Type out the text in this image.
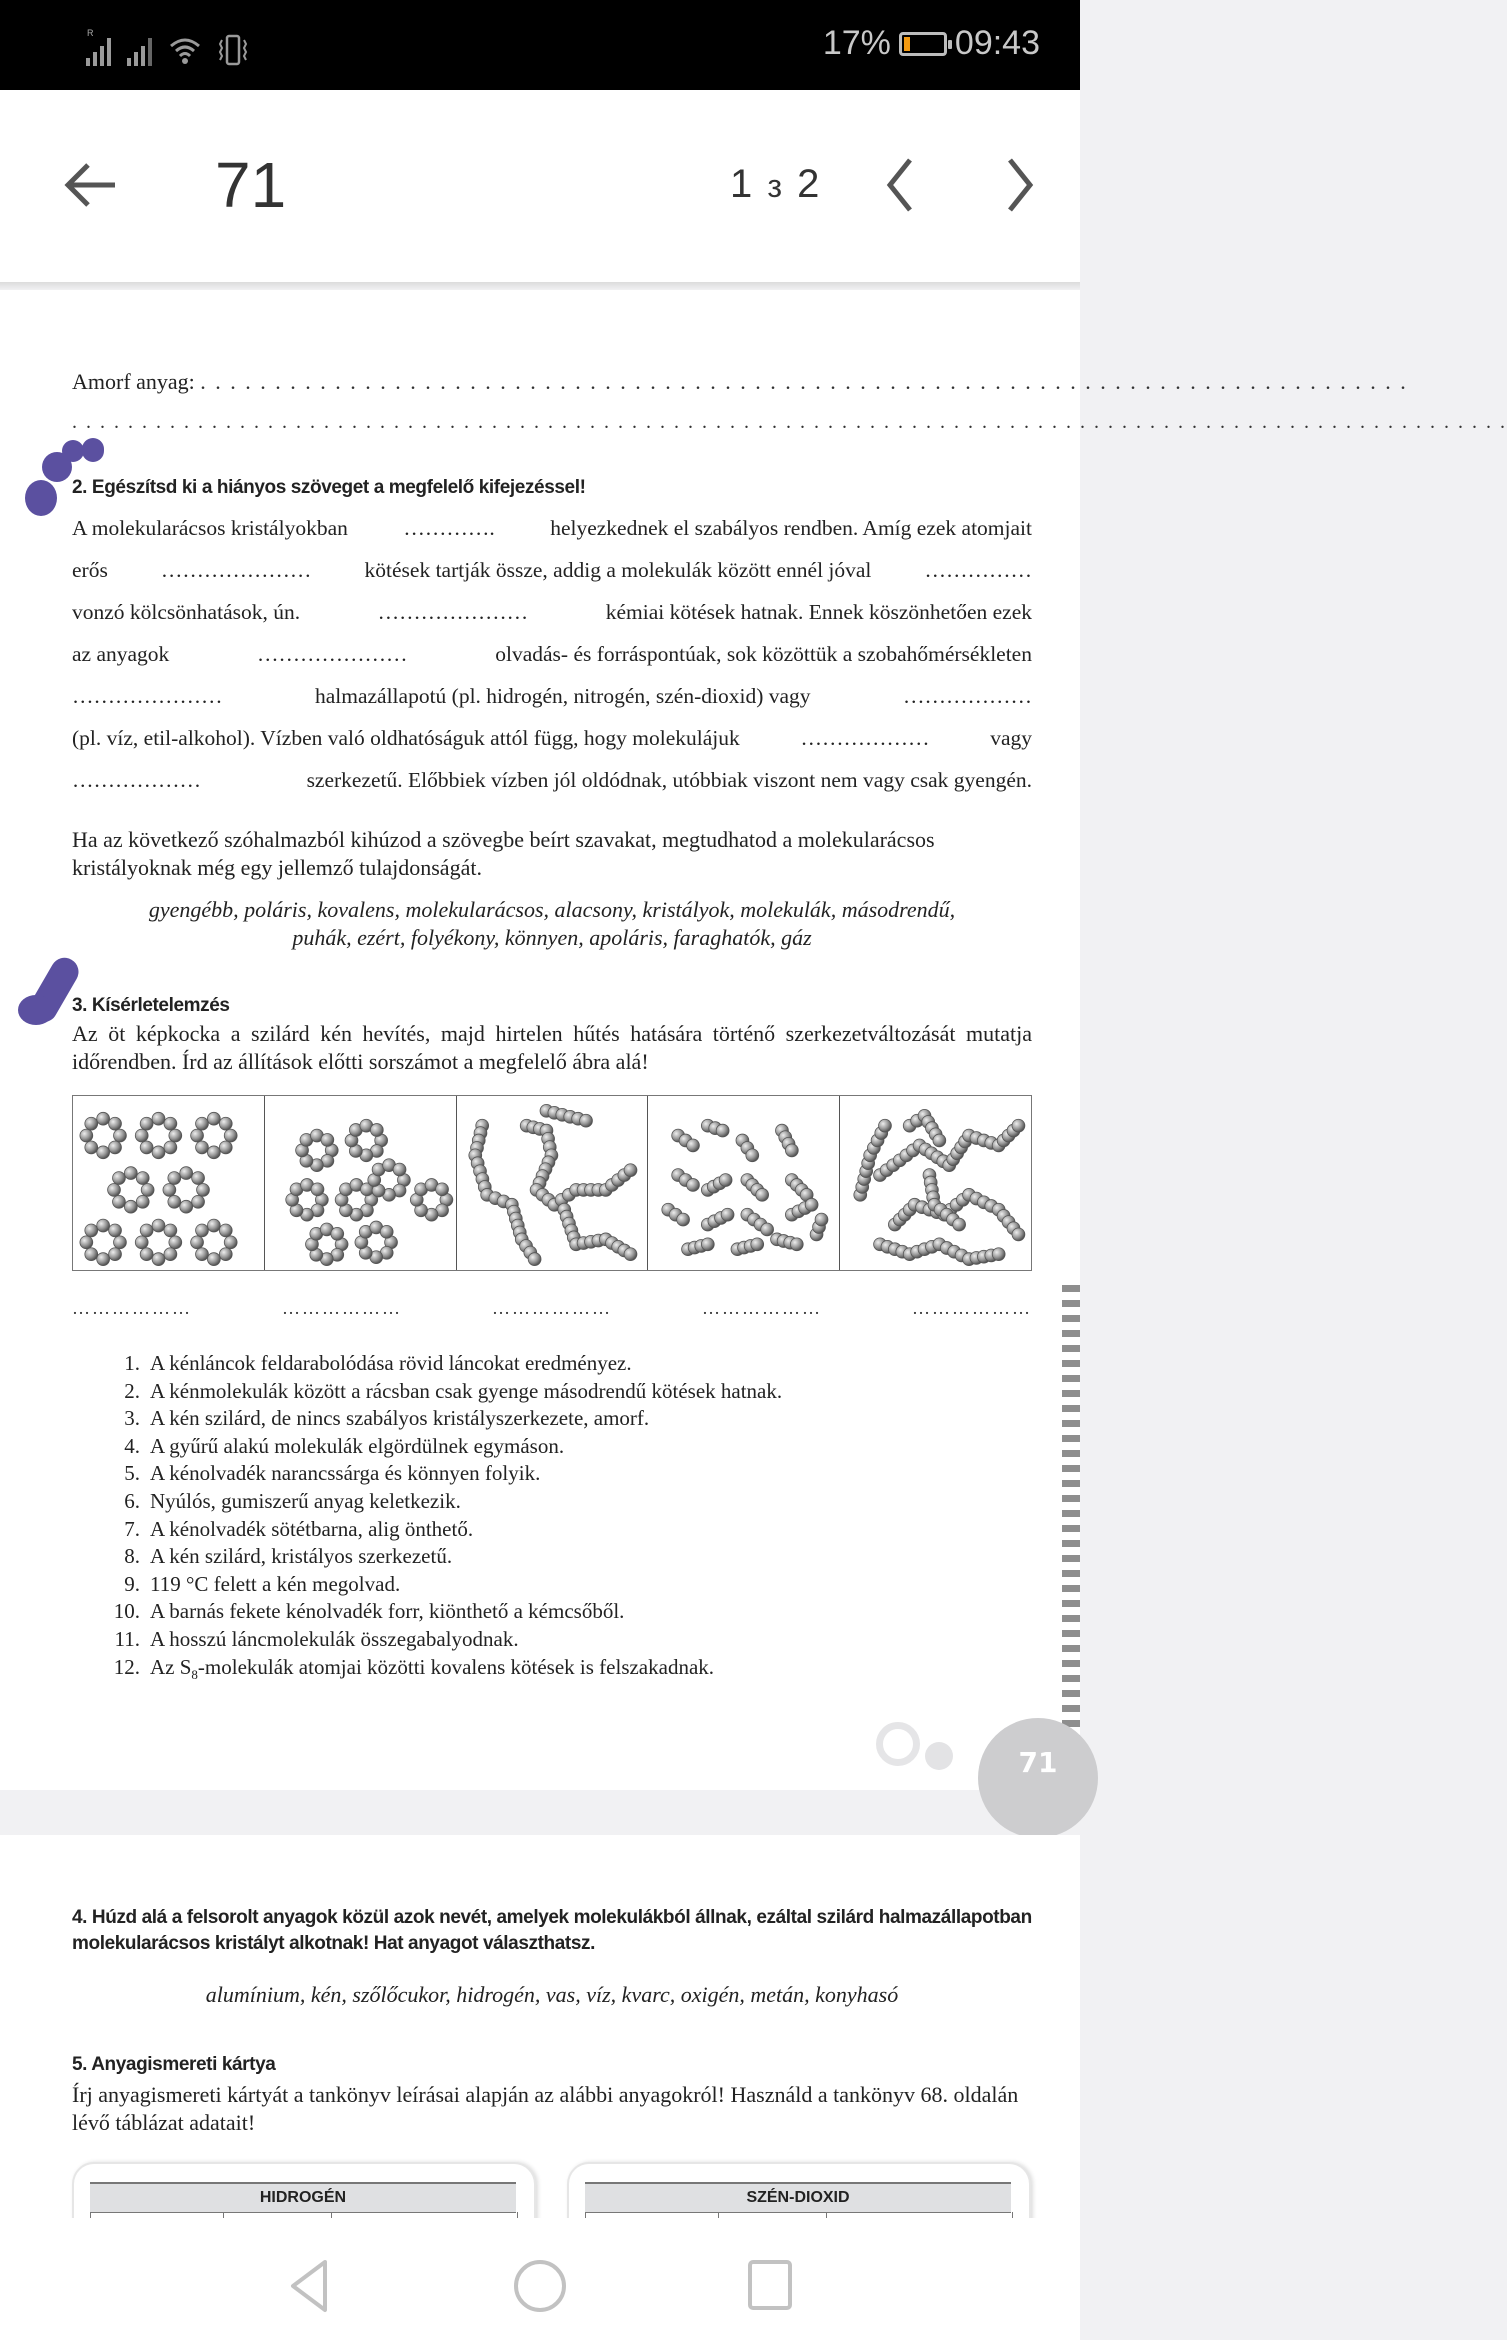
R	17% 09:43
71	1 з 2
Amorf anyag: . . . . . . . . . . . . . . . . . . . . . . . . . . . . . . . . . . . . . . . . . . . . . . . . . . . . . . . . . . . . . . . . . . . . . . . . . . . . . . . . .
. . . . . . . . . . . . . . . . . . . . . . . . . . . . . . . . . . . . . . . . . . . . . . . . . . . . . . . . . . . . . . . . . . . . . . . . . . . . . . . . . . . . . . . . . . . . . . . . . . . . . . .
2. Egészítsd ki a hiányos szöveget a megfelelő kifejezéssel!
A molekularácsos kristályokban	………….	helyezkednek el szabályos rendben. Amíg ezek atomjait
erős ………………… kötések tartják össze, addig a molekulák között ennél jóval ……………
vonzó kölcsönhatások, ún.	…………………	kémiai kötések hatnak. Ennek köszönhetően ezek
az anyagok	…………………	olvadás- és forráspontúak, sok közöttük a szobahőmérsékleten
…………………	halmazállapotú (pl. hidrogén, nitrogén, szén-dioxid) vagy	………………
(pl. víz, etil-alkohol). Vízben való oldhatóságuk attól függ, hogy molekulájuk	………………	vagy
………………	szerkezetű. Előbbiek vízben jól oldódnak, utóbbiak viszont nem vagy csak gyengén.
Ha az következő szóhalmazból kihúzod a szövegbe beírt szavakat, megtudhatod a molekularácsos kristályoknak még egy jellemző tulajdonságát.
gyengébb, poláris, kovalens, molekularácsos, alacsony, kristályok, molekulák, másodrendű,
puhák, ezért, folyékony, könnyen, apoláris, faraghatók, gáz
3. Kísérletelemzés
Az öt képkocka a szilárd kén hevítés, majd hirtelen hűtés hatására történő szerkezetváltozását mutatja időrendben. Írd az állítások előtti sorszámot a megfelelő ábra alá!
………………	………………	………………	………………	………………
1. A kénláncok feldarabolódása rövid láncokat eredményez.
2. A kénmolekulák között a rácsban csak gyenge másodrendű kötések hatnak.
3. A kén szilárd, de nincs szabályos kristályszerkezete, amorf.
4. A gyűrű alakú molekulák elgördülnek egymáson.
5. A kénolvadék narancssárga és könnyen folyik.
6. Nyúlós, gumiszerű anyag keletkezik.
7. A kénolvadék sötétbarna, alig önthető.
8. A kén szilárd, kristályos szerkezetű.
9. 119 °C felett a kén megolvad.
10. A barnás fekete kénolvadék forr, kiönthető a kémcsőből.
11. A hosszú láncmolekulák összegabalyodnak.
12. Az $S_8$-molekulák atomjai közötti kovalens kötések is felszakadnak.
71
4. Húzd alá a felsorolt anyagok közül azok nevét, amelyek molekulákból állnak, ezáltal szilárd halmazállapotban molekularácsos kristályt alkotnak! Hat anyagot választhatsz.
alumínium, kén, szőlőcukor, hidrogén, vas, víz, kvarc, oxigén, metán, konyhasó
5. Anyagismereti kártya
Írj anyagismereti kártyát a tankönyv leírásai alapján az alábbi anyagokról! Használd a tankönyv 68. oldalán lévő táblázat adatait!
HIDROGÉN	SZÉN-DIOXID
